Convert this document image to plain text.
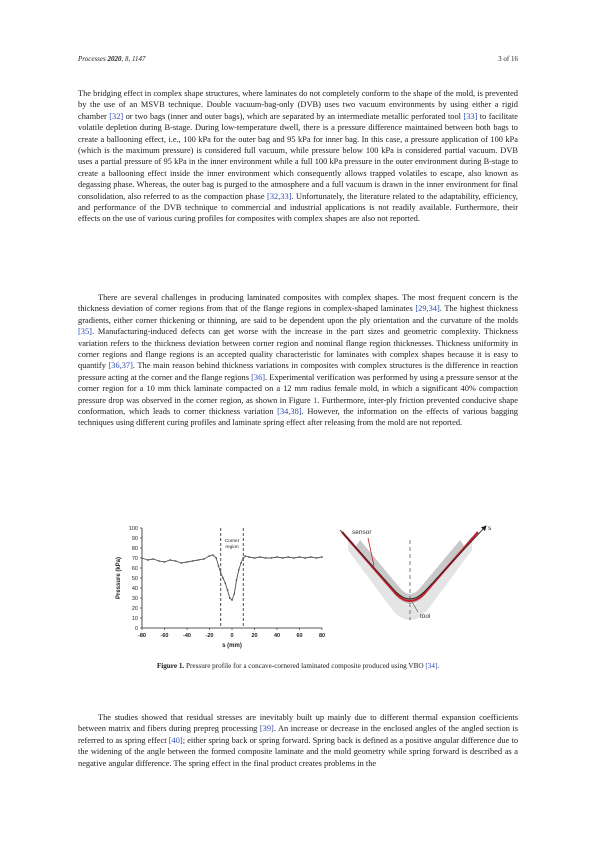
Processes 2020, 8, 1147	3 of 16

The bridging effect in complex shape structures, where laminates do not completely conform to the shape of the mold, is prevented by the use of an MSVB technique. Double vacuum-bag-only (DVB) uses two vacuum environments by using either a rigid chamber [32] or two bags (inner and outer bags), which are separated by an intermediate metallic perforated tool [33] to facilitate volatile depletion during B-stage. During low-temperature dwell, there is a pressure difference maintained between both bags to create a ballooning effect, i.e., 100 kPa for the outer bag and 95 kPa for inner bag. In this case, a pressure application of 100 kPa (which is the maximum pressure) is considered full vacuum, while pressure below 100 kPa is considered partial vacuum. DVB uses a partial pressure of 95 kPa in the inner environment while a full 100 kPa pressure in the outer environment during B-stage to create a ballooning effect inside the inner environment which consequently allows trapped volatiles to escape, also known as degassing phase. Whereas, the outer bag is purged to the atmosphere and a full vacuum is drawn in the inner environment for final consolidation, also referred to as the compaction phase [32,33]. Unfortunately, the literature related to the adaptability, efficiency, and performance of the DVB technique to commercial and industrial applications is not readily available. Furthermore, their effects on the use of various curing profiles for composites with complex shapes are also not reported.

There are several challenges in producing laminated composites with complex shapes. The most frequent concern is the thickness deviation of corner regions from that of the flange regions in complex-shaped laminates [29,34]. The highest thickness gradients, either corner thickening or thinning, are said to be dependent upon the ply orientation and the curvature of the molds [35]. Manufacturing-induced defects can get worse with the increase in the part sizes and geometric complexity. Thickness variation refers to the thickness deviation between corner region and nominal flange region thicknesses. Thickness uniformity in corner regions and flange regions is an accepted quality characteristic for laminates with complex shapes because it is easy to quantify [36,37]. The main reason behind thickness variations in composites with complex structures is the difference in reaction pressure acting at the corner and the flange regions [36]. Experimental verification was performed by using a pressure sensor at the corner region for a 10 mm thick laminate compacted on a 12 mm radius female mold, in which a significant 40% compaction pressure drop was observed in the corner region, as shown in Figure 1. Furthermore, inter-ply friction prevented conducive shape conformation, which leads to corner thickness variation [34,38]. However, the information on the effects of various bagging techniques using different curing profiles and laminate spring effect after releasing from the mold are not reported.

0
10
20
30
40
50
60
70
80
90
100
-80	-60	-40	-20	0	20	40	60	80
s (mm)
Pressure (kPa)
Corner
region
sensor
tool
s
Figure 1. Pressure profile for a concave-cornered laminated composite produced using VBO [34].

The studies showed that residual stresses are inevitably built up mainly due to different thermal expansion coefficients between matrix and fibers during prepreg processing [39]. An increase or decrease in the enclosed angles of the angled section is referred to as spring effect [40]; either spring back or spring forward. Spring back is defined as a positive angular difference due to the widening of the angle between the formed composite laminate and the mold geometry while spring forward is described as a negative angular difference. The spring effect in the final product creates problems in the
